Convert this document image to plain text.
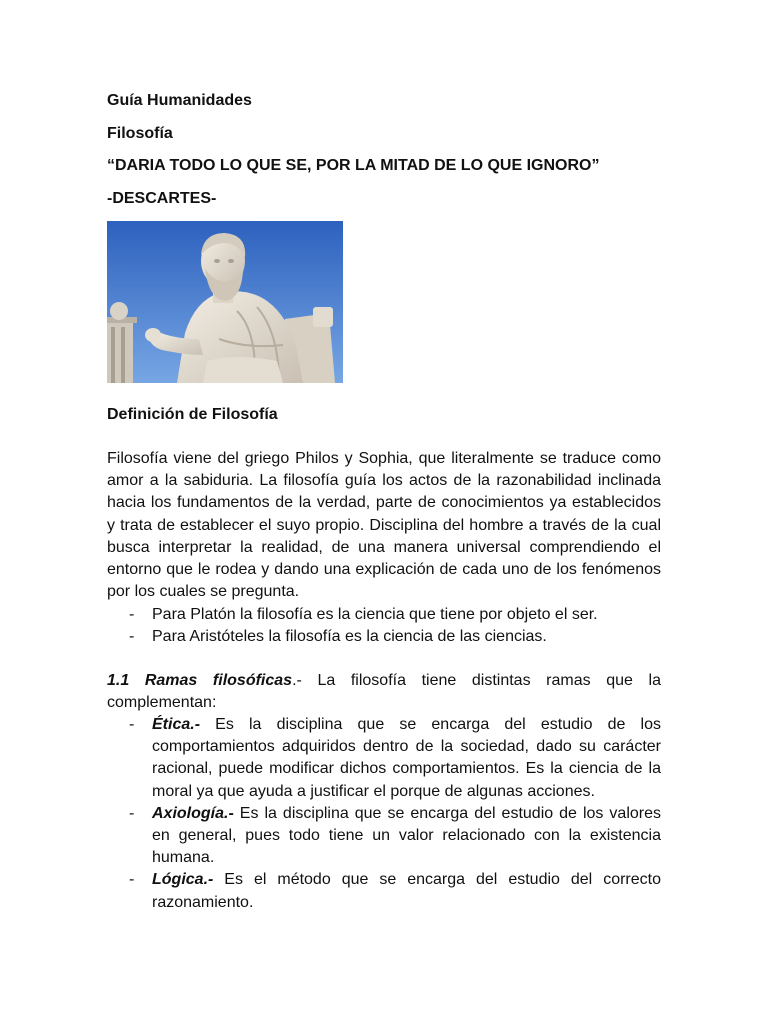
Guía Humanidades
Filosofía
“DARIA TODO LO QUE SE, POR LA MITAD DE LO QUE IGNORO”
-DESCARTES-
Definición de Filosofía
Filosofía viene del griego Philos y Sophia, que literalmente se traduce como amor a la sabiduria. La filosofía guía los actos de la razonabilidad inclinada hacia los fundamentos de la verdad, parte de conocimientos ya establecidos y trata de establecer el suyo propio. Disciplina del hombre a través de la cual busca interpretar la realidad, de una manera universal comprendiendo el entorno que le rodea y dando una explicación de cada uno de los fenómenos por los cuales se pregunta.
- Para Platón la filosofía es la ciencia que tiene por objeto el ser.
- Para Aristóteles la filosofía es la ciencia de las ciencias.
1.1 Ramas filosóficas.- La filosofía tiene distintas ramas que la complementan:
- Ética.- Es la disciplina que se encarga del estudio de los comportamientos adquiridos dentro de la sociedad, dado su carácter racional, puede modificar dichos comportamientos. Es la ciencia de la moral ya que ayuda a justificar el porque de algunas acciones.
- Axiología.- Es la disciplina que se encarga del estudio de los valores en general, pues todo tiene un valor relacionado con la existencia humana.
- Lógica.- Es el método que se encarga del estudio del correcto razonamiento.
